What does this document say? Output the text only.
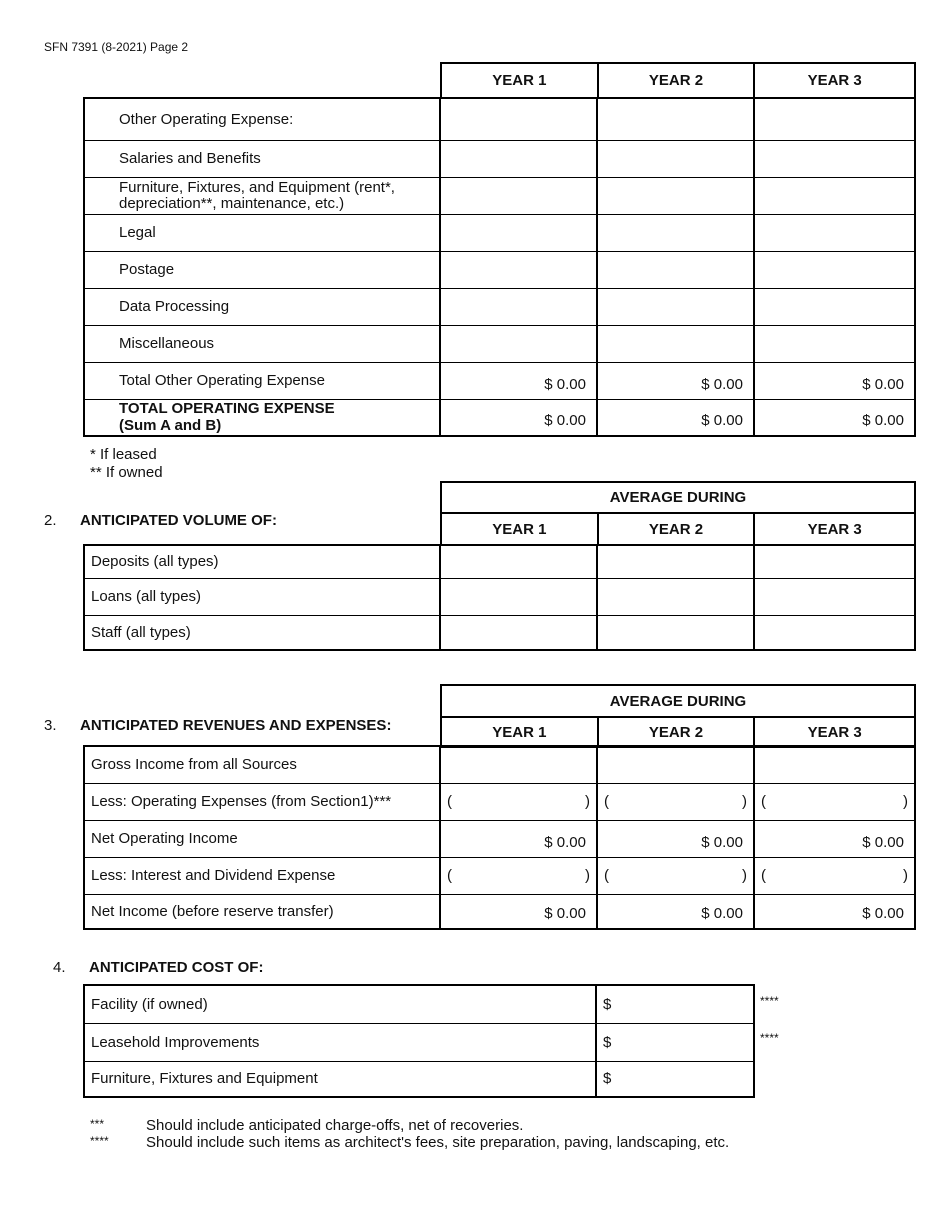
SFN 7391 (8-2021) Page 2
YEAR 1	YEAR 2	YEAR 3
Other Operating Expense:			
Salaries and Benefits			
Furniture, Fixtures, and Equipment (rent*, depreciation**, maintenance, etc.)			
Legal			
Postage			
Data Processing			
Miscellaneous			
Total Other Operating Expense	$ 0.00	$ 0.00	$ 0.00

TOTAL OPERATING EXPENSE
(Sum A and B)	$ 0.00	$ 0.00	$ 0.00
* If leased
** If owned
2. ANTICIPATED VOLUME OF:
AVERAGE DURING
YEAR 1	YEAR 2	YEAR 3
Deposits (all types)			
Loans (all types)			
Staff (all types)			
3. ANTICIPATED REVENUES AND EXPENSES:
AVERAGE DURING
YEAR 1	YEAR 2	YEAR 3
Gross Income from all Sources			
Less: Operating Expenses (from Section1)***	( )	( )	( )

Net Operating Income	$ 0.00	$ 0.00	$ 0.00
Less: Interest and Dividend Expense	( )	( )	( )

Net Income (before reserve transfer)	$ 0.00	$ 0.00	$ 0.00
4. ANTICIPATED COST OF:
Facility (if owned)	$
Leasehold Improvements	$
Furniture, Fixtures and Equipment	$
****
****
***	Should include anticipated charge-offs, net of recoveries.
**** Should include such items as architect's fees, site preparation, paving, landscaping, etc.
